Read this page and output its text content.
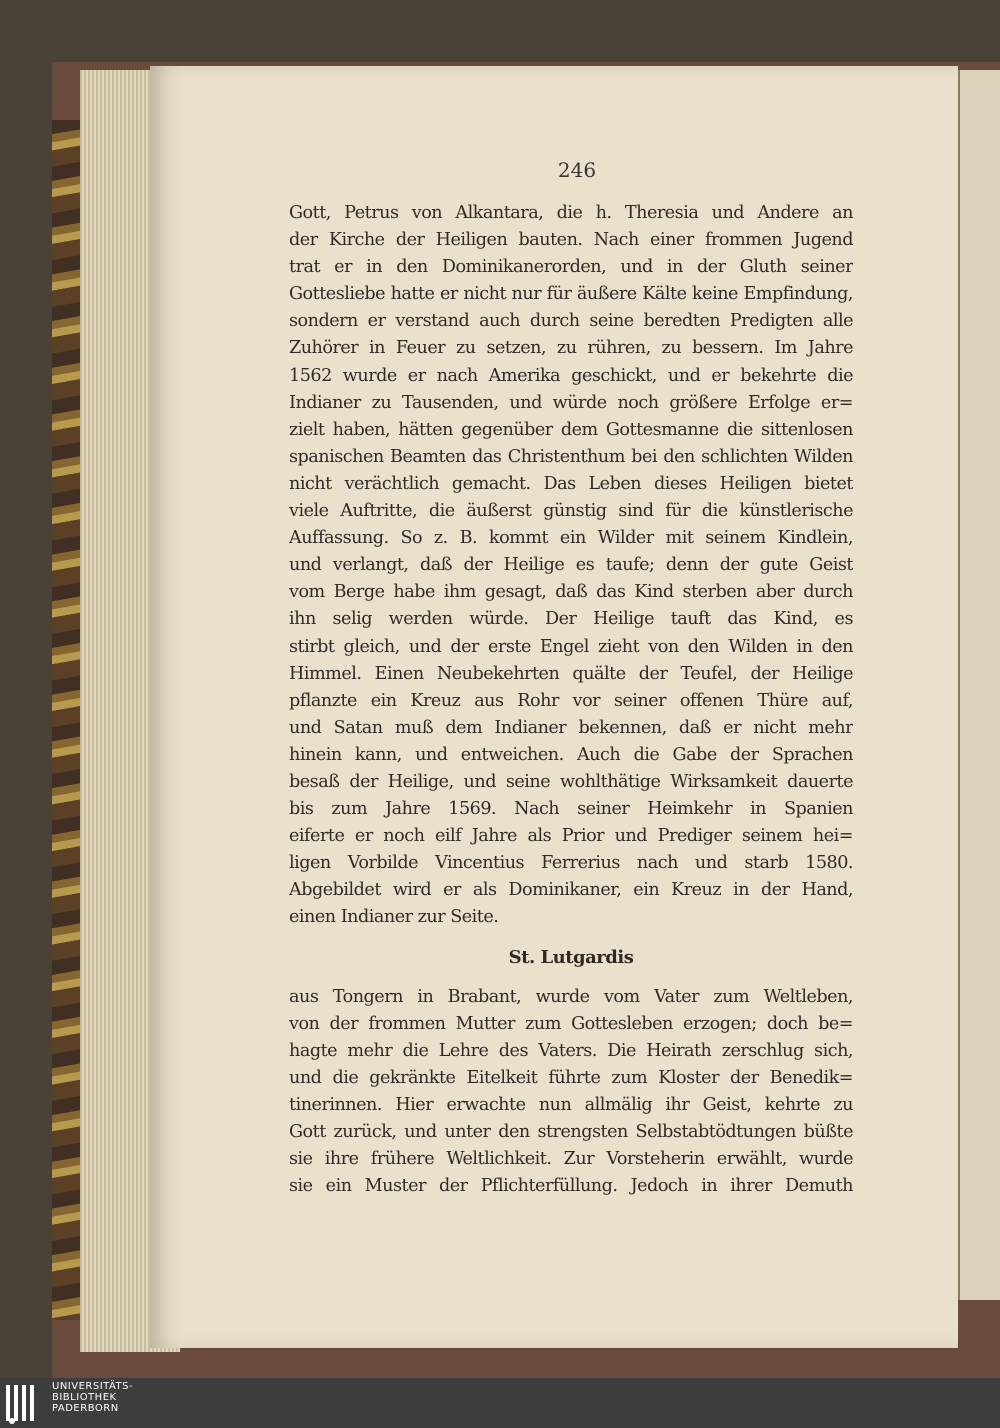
246
Gott, Petrus von Alkantara, die h. Theresia und Andere an
der Kirche der Heiligen bauten. Nach einer frommen Jugend
trat er in den Dominikanerorden, und in der Gluth seiner
Gottesliebe hatte er nicht nur für äußere Kälte keine Empfindung,
sondern er verstand auch durch seine beredten Predigten alle
Zuhörer in Feuer zu setzen, zu rühren, zu bessern. Im Jahre
1562 wurde er nach Amerika geschickt, und er bekehrte die
Indianer zu Tausenden, und würde noch größere Erfolge er=
zielt haben, hätten gegenüber dem Gottesmanne die sittenlosen
spanischen Beamten das Christenthum bei den schlichten Wilden
nicht verächtlich gemacht. Das Leben dieses Heiligen bietet
viele Auftritte, die äußerst günstig sind für die künstlerische
Auffassung. So z. B. kommt ein Wilder mit seinem Kindlein,
und verlangt, daß der Heilige es taufe; denn der gute Geist
vom Berge habe ihm gesagt, daß das Kind sterben aber durch
ihn selig werden würde. Der Heilige tauft das Kind, es
stirbt gleich, und der erste Engel zieht von den Wilden in den
Himmel. Einen Neubekehrten quälte der Teufel, der Heilige
pflanzte ein Kreuz aus Rohr vor seiner offenen Thüre auf,
und Satan muß dem Indianer bekennen, daß er nicht mehr
hinein kann, und entweichen. Auch die Gabe der Sprachen
besaß der Heilige, und seine wohlthätige Wirksamkeit dauerte
bis zum Jahre 1569. Nach seiner Heimkehr in Spanien
eiferte er noch eilf Jahre als Prior und Prediger seinem hei=
ligen Vorbilde Vincentius Ferrerius nach und starb 1580.
Abgebildet wird er als Dominikaner, ein Kreuz in der Hand,
einen Indianer zur Seite.
St. Lutgardis
aus Tongern in Brabant, wurde vom Vater zum Weltleben,
von der frommen Mutter zum Gottesleben erzogen; doch be=
hagte mehr die Lehre des Vaters. Die Heirath zerschlug sich,
und die gekränkte Eitelkeit führte zum Kloster der Benedik=
tinerinnen. Hier erwachte nun allmälig ihr Geist, kehrte zu
Gott zurück, und unter den strengsten Selbstabtödtungen büßte
sie ihre frühere Weltlichkeit. Zur Vorsteherin erwählt, wurde
sie ein Muster der Pflichterfüllung. Jedoch in ihrer Demuth
UNIVERSITÄTS-
BIBLIOTHEK
PADERBORN
